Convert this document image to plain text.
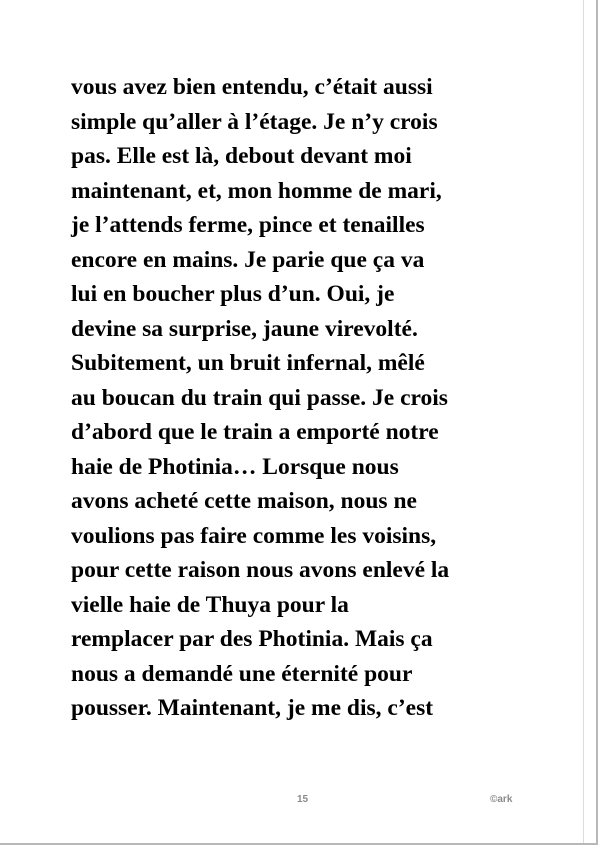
vous avez bien entendu, c’était aussi
simple qu’aller à l’étage. Je n’y crois
pas. Elle est là, debout devant moi
maintenant, et, mon homme de mari,
je l’attends ferme, pince et tenailles
encore en mains. Je parie que ça va
lui en boucher plus d’un. Oui, je
devine sa surprise, jaune virevolté.
Subitement, un bruit infernal, mêlé
au boucan du train qui passe. Je crois
d’abord que le train a emporté notre
haie de Photinia… Lorsque nous
avons acheté cette maison, nous ne
voulions pas faire comme les voisins,
pour cette raison nous avons enlevé la
vielle haie de Thuya pour la
remplacer par des Photinia. Mais ça
nous a demandé une éternité pour
pousser. Maintenant, je me dis, c’est
15	©ark
